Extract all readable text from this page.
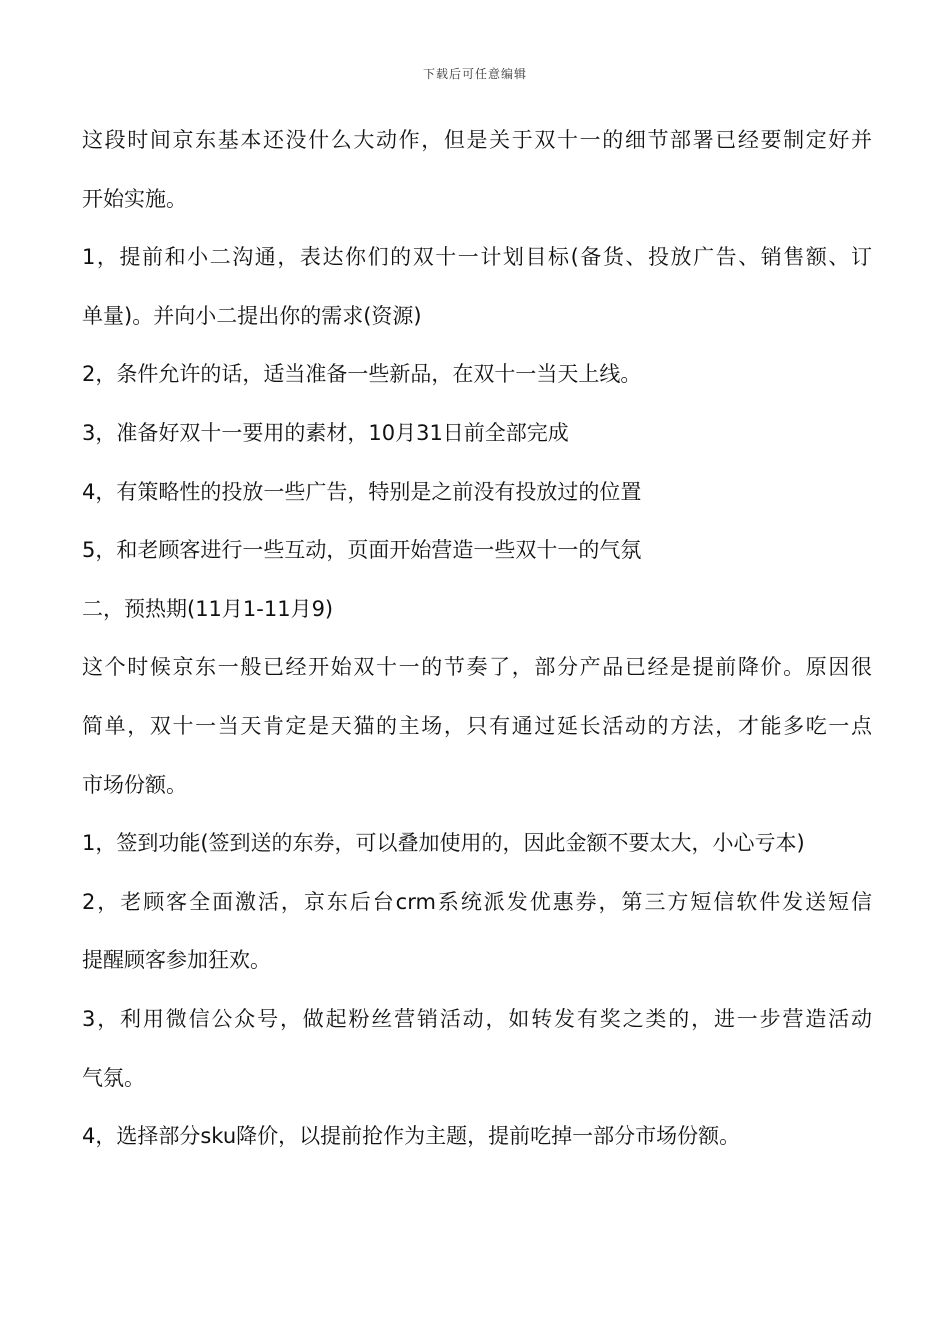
下载后可任意编辑
这段时间京东基本还没什么大动作，但是关于双十一的细节部署已经要制定好并
开始实施。
1，提前和小二沟通，表达你们的双十一计划目标(备货、投放广告、销售额、订
单量)。并向小二提出你的需求(资源)
2，条件允许的话，适当准备一些新品，在双十一当天上线。
3，准备好双十一要用的素材，10月31日前全部完成
4，有策略性的投放一些广告，特别是之前没有投放过的位置
5，和老顾客进行一些互动，页面开始营造一些双十一的气氛
二，预热期(11月1-11月9)
这个时候京东一般已经开始双十一的节奏了，部分产品已经是提前降价。原因很
简单，双十一当天肯定是天猫的主场，只有通过延长活动的方法，才能多吃一点
市场份额。
1，签到功能(签到送的东券，可以叠加使用的，因此金额不要太大，小心亏本)
2，老顾客全面激活，京东后台crm系统派发优惠券，第三方短信软件发送短信
提醒顾客参加狂欢。
3，利用微信公众号，做起粉丝营销活动，如转发有奖之类的，进一步营造活动
气氛。
4，选择部分sku降价，以提前抢作为主题，提前吃掉一部分市场份额。
